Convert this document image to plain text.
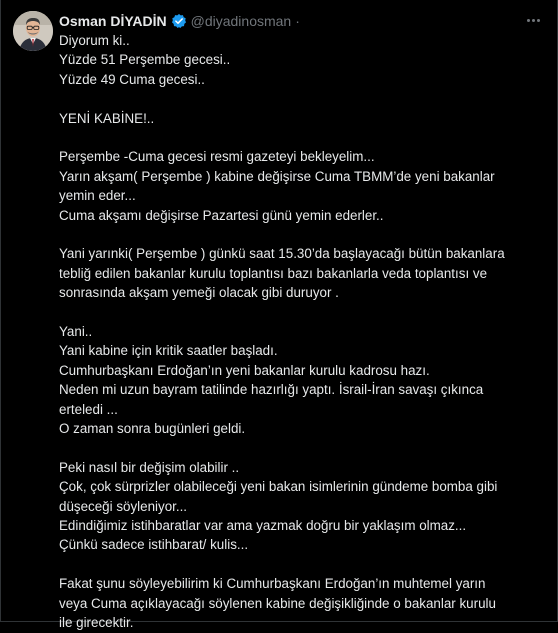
Osman DİYADİN @diyadinosman ·
Diyorum ki..
Yüzde 51 Perşembe gecesi..
Yüzde 49 Cuma gecesi..
YENİ KABİNE!..
Perşembe -Cuma gecesi resmi gazeteyi bekleyelim...
Yarın akşam( Perşembe ) kabine değişirse Cuma TBMM’de yeni bakanlar
yemin eder...
Cuma akşamı değişirse Pazartesi günü yemin ederler..
Yani yarınki( Perşembe ) günkü saat 15.30’da başlayacağı bütün bakanlara
tebliğ edilen bakanlar kurulu toplantısı bazı bakanlarla veda toplantısı ve
sonrasında akşam yemeği olacak gibi duruyor .
Yani..
Yani kabine için kritik saatler başladı.
Cumhurbaşkanı Erdoğan’ın yeni bakanlar kurulu kadrosu hazı.
Neden mi uzun bayram tatilinde hazırlığı yaptı. İsrail-İran savaşı çıkınca
erteledi ...
O zaman sonra bugünleri geldi.
Peki nasıl bir değişim olabilir ..
Çok, çok sürprizler olabileceği yeni bakan isimlerinin gündeme bomba gibi
düşeceği söyleniyor...
Edindiğimiz istihbaratlar var ama yazmak doğru bir yaklaşım olmaz...
Çünkü sadece istihbarat/ kulis...
Fakat şunu söyleyebilirim ki Cumhurbaşkanı Erdoğan’ın muhtemel yarın
veya Cuma açıklayacağı söylenen kabine değişikliğinde o bakanlar kurulu
ile girecektir.
